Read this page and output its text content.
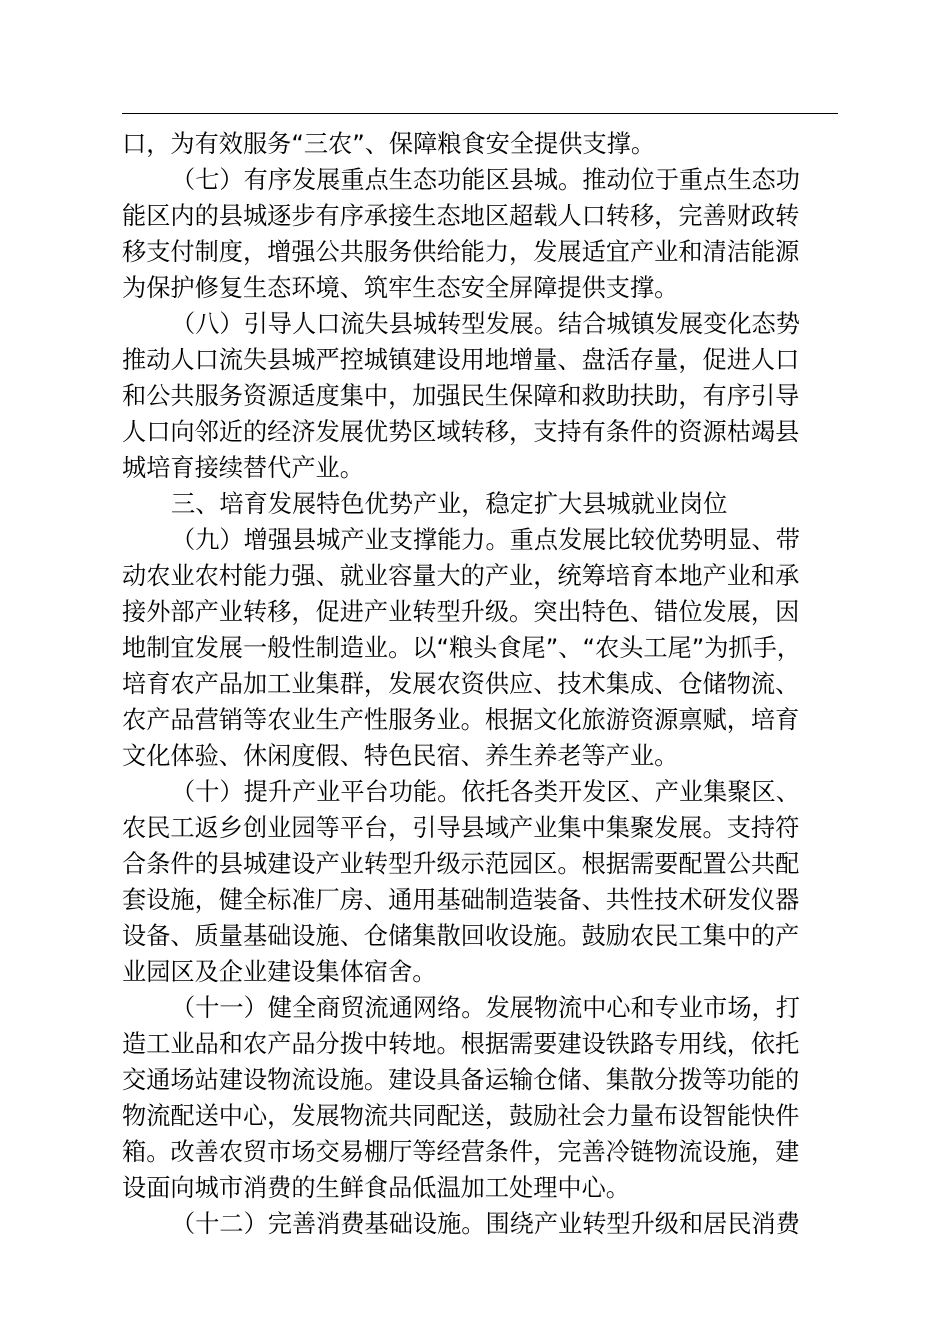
口，为有效服务“三农”、保障粮食安全提供支撑。
（七）有序发展重点生态功能区县城。推动位于重点生态功
能区内的县城逐步有序承接生态地区超载人口转移，完善财政转
移支付制度，增强公共服务供给能力，发展适宜产业和清洁能源
为保护修复生态环境、筑牢生态安全屏障提供支撑。
（八）引导人口流失县城转型发展。结合城镇发展变化态势
推动人口流失县城严控城镇建设用地增量、盘活存量，促进人口
和公共服务资源适度集中，加强民生保障和救助扶助，有序引导
人口向邻近的经济发展优势区域转移，支持有条件的资源枯竭县
城培育接续替代产业。
三、培育发展特色优势产业，稳定扩大县城就业岗位
（九）增强县城产业支撑能力。重点发展比较优势明显、带
动农业农村能力强、就业容量大的产业，统筹培育本地产业和承
接外部产业转移，促进产业转型升级。突出特色、错位发展，因
地制宜发展一般性制造业。以“粮头食尾”、“农头工尾”为抓手，
培育农产品加工业集群，发展农资供应、技术集成、仓储物流、
农产品营销等农业生产性服务业。根据文化旅游资源禀赋，培育
文化体验、休闲度假、特色民宿、养生养老等产业。
（十）提升产业平台功能。依托各类开发区、产业集聚区、
农民工返乡创业园等平台，引导县域产业集中集聚发展。支持符
合条件的县城建设产业转型升级示范园区。根据需要配置公共配
套设施，健全标准厂房、通用基础制造装备、共性技术研发仪器
设备、质量基础设施、仓储集散回收设施。鼓励农民工集中的产
业园区及企业建设集体宿舍。
（十一）健全商贸流通网络。发展物流中心和专业市场，打
造工业品和农产品分拨中转地。根据需要建设铁路专用线，依托
交通场站建设物流设施。建设具备运输仓储、集散分拨等功能的
物流配送中心，发展物流共同配送，鼓励社会力量布设智能快件
箱。改善农贸市场交易棚厅等经营条件，完善冷链物流设施，建
设面向城市消费的生鲜食品低温加工处理中心。
（十二）完善消费基础设施。围绕产业转型升级和居民消费
